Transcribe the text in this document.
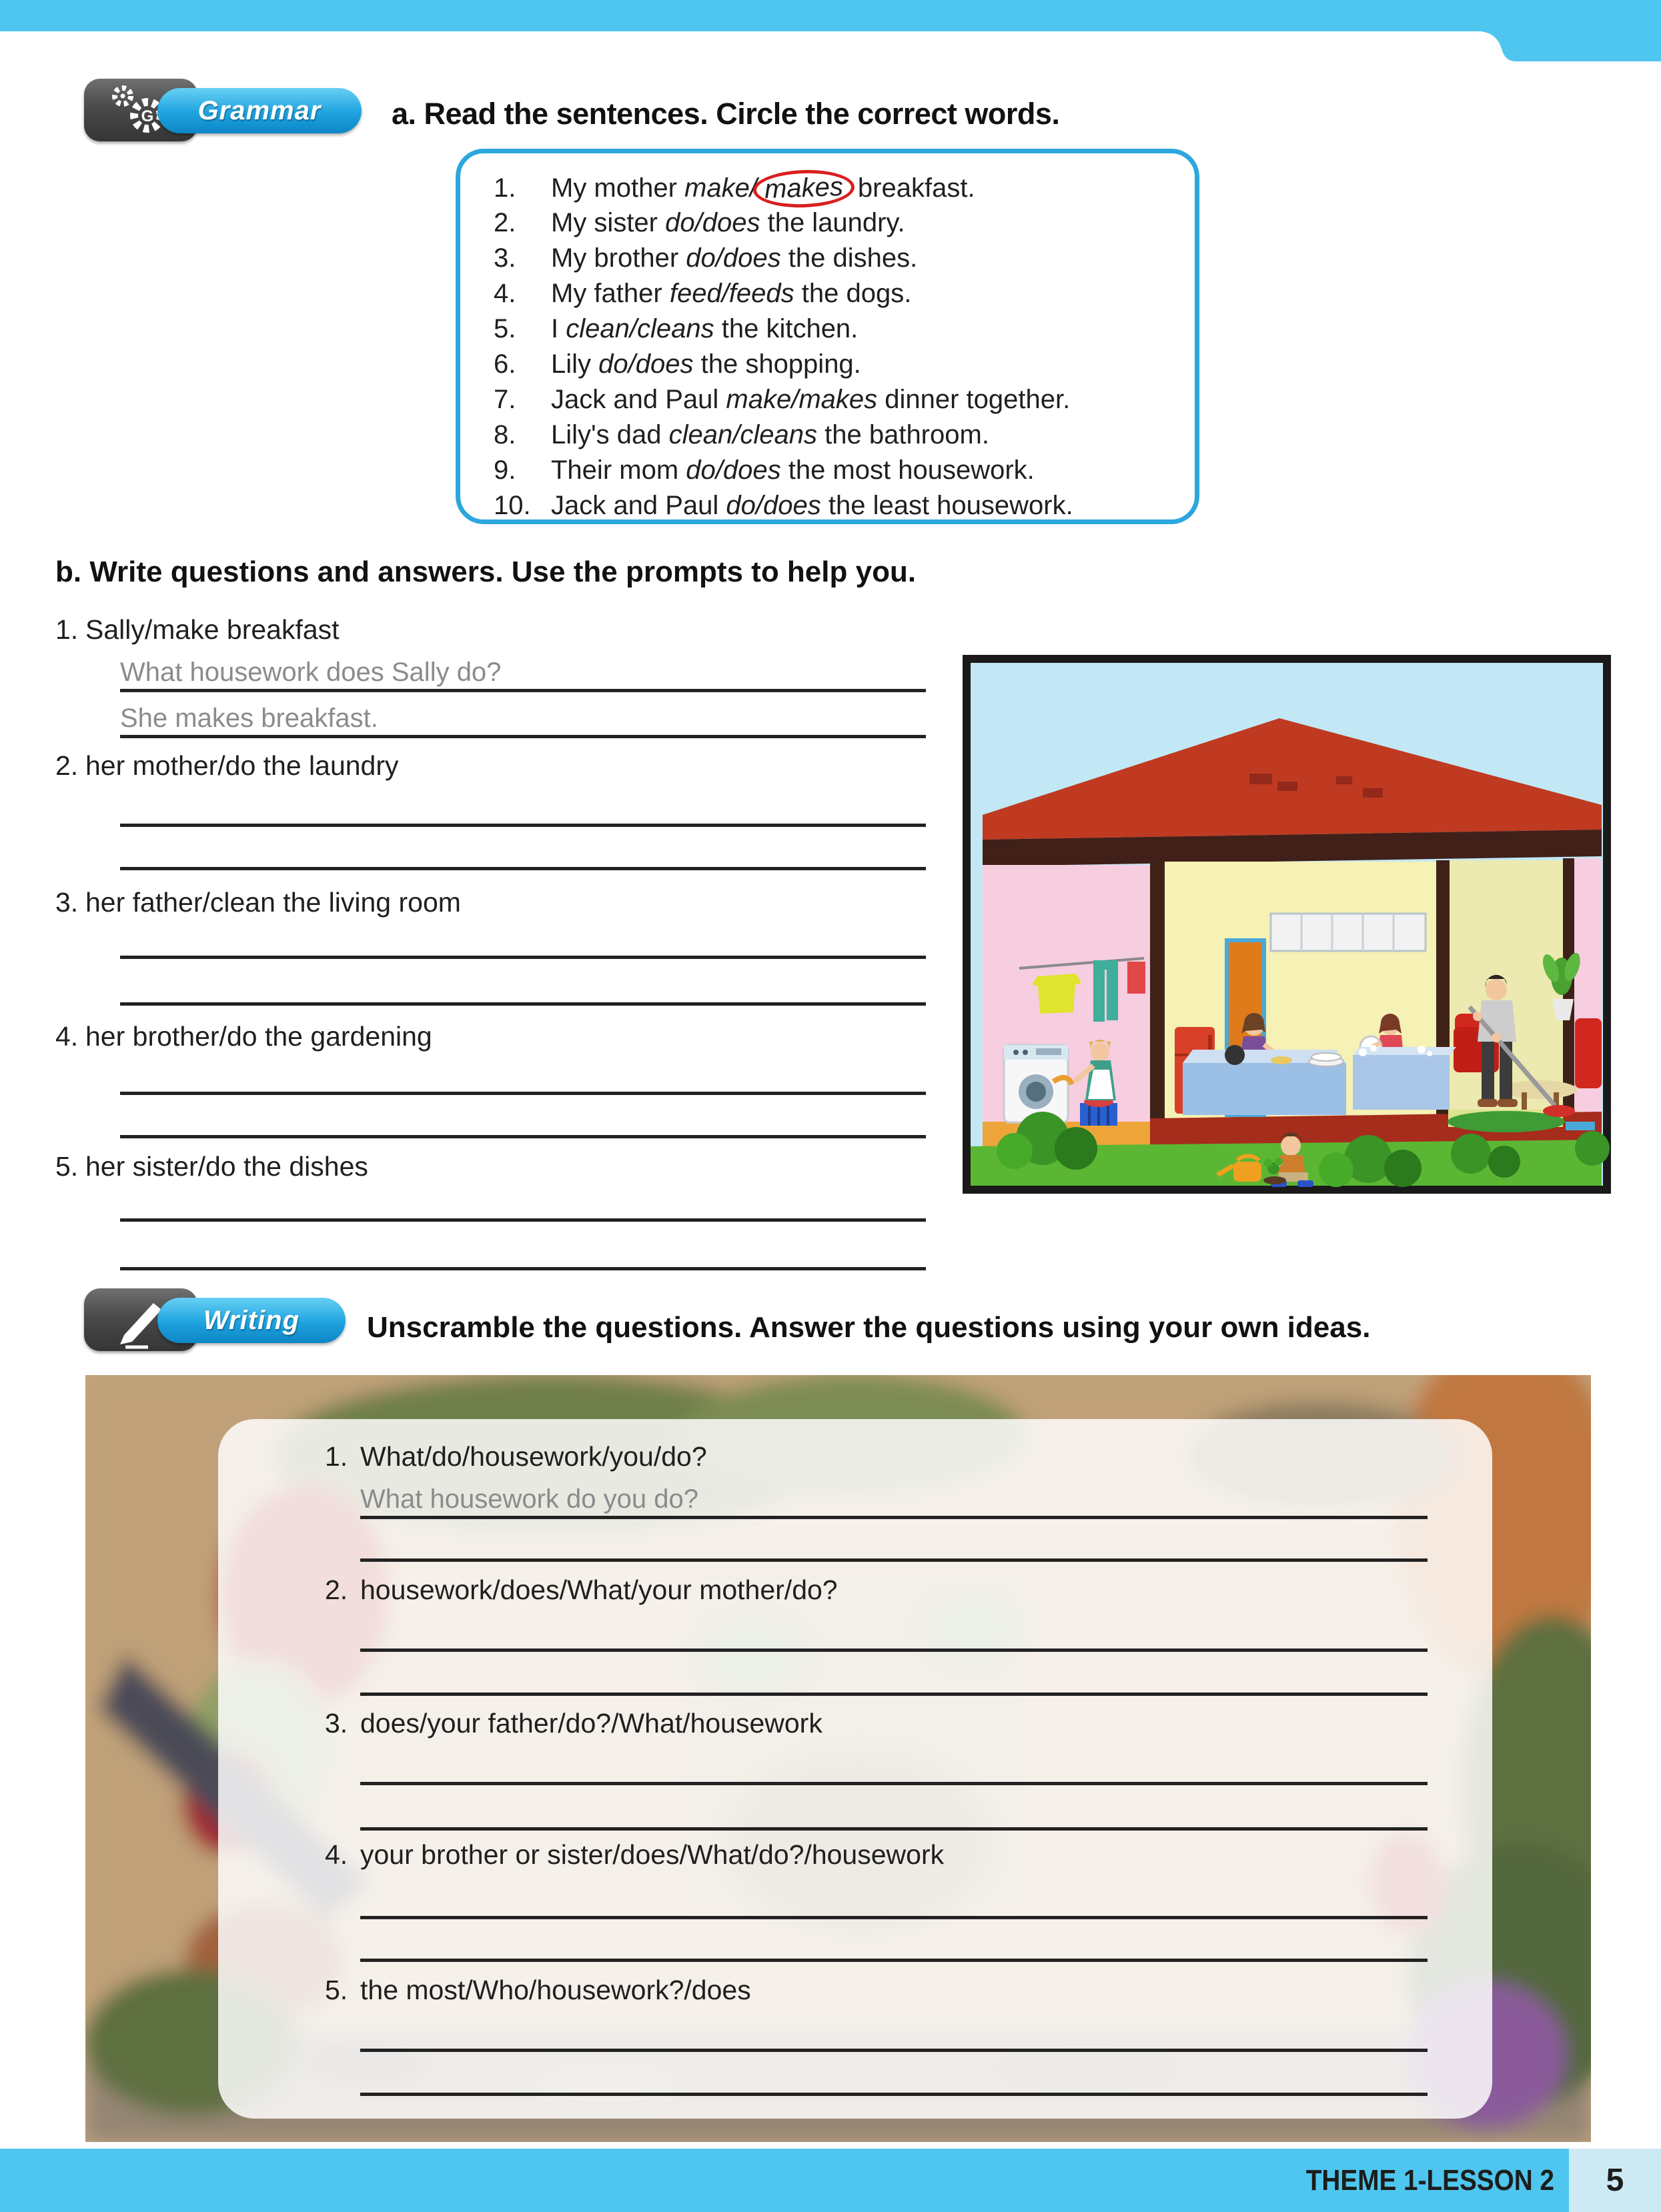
G Grammar a. Read the sentences. Circle the correct words.
1. My mother make/ makes breakfast.
2. My sister do/does the laundry.
3. My brother do/does the dishes.
4. My father feed/feeds the dogs.
5. I clean/cleans the kitchen.
6. Lily do/does the shopping.
7. Jack and Paul make/makes dinner together.
8. Lily's dad clean/cleans the bathroom.
9. Their mom do/does the most housework.
10. Jack and Paul do/does the least housework.
b. Write questions and answers. Use the prompts to help you.
1. Sally/make breakfast
What housework does Sally do?
She makes breakfast.
2. her mother/do the laundry
3. her father/clean the living room
4. her brother/do the gardening
5. her sister/do the dishes
Writing Unscramble the questions. Answer the questions using your own ideas.
1. What/do/housework/you/do?
What housework do you do?
2. housework/does/What/your mother/do?
3. does/your father/do?/What/housework
4. your brother or sister/does/What/do?/housework
5. the most/Who/housework?/does
THEME 1-LESSON 2 5
